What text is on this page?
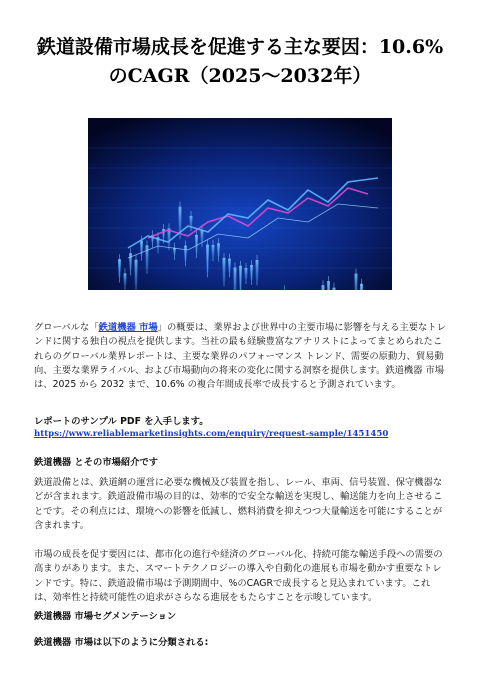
鉄道設備市場成長を促進する主な要因：10.6%
のCAGR（2025～2032年）

グローバルな「鉄道機器 市場」の概要は、業界および世界中の主要市場に影響を与える主要なトレンドに関する独自の視点を提供します。当社の最も経験豊富なアナリストによってまとめられたこれらのグローバル業界レポートは、主要な業界のパフォーマンス トレンド、需要の原動力、貿易動向、主要な業界ライバル、および市場動向の将来の変化に関する洞察を提供します。鉄道機器 市場は、2025 から 2032 まで、10.6% の複合年間成長率で成長すると予測されています。

レポートのサンプル PDF を入手します。

https://www.reliablemarketinsights.com/enquiry/request-sample/1451450

鉄道機器 とその市場紹介です

鉄道設備とは、鉄道網の運営に必要な機械及び装置を指し、レール、車両、信号装置、保守機器などが含まれます。鉄道設備市場の目的は、効率的で安全な輸送を実現し、輸送能力を向上させることです。その利点には、環境への影響を低減し、燃料消費を抑えつつ大量輸送を可能にすることが含まれます。

市場の成長を促す要因には、都市化の進行や経済のグローバル化、持続可能な輸送手段への需要の高まりがあります。また、スマートテクノロジーの導入や自動化の進展も市場を動かす重要なトレンドです。特に、鉄道設備市場は予測期間中、%のCAGRで成長すると見込まれています。これは、効率性と持続可能性の追求がさらなる進展をもたらすことを示唆しています。

鉄道機器 市場セグメンテーション

鉄道機器 市場は以下のように分類される:
